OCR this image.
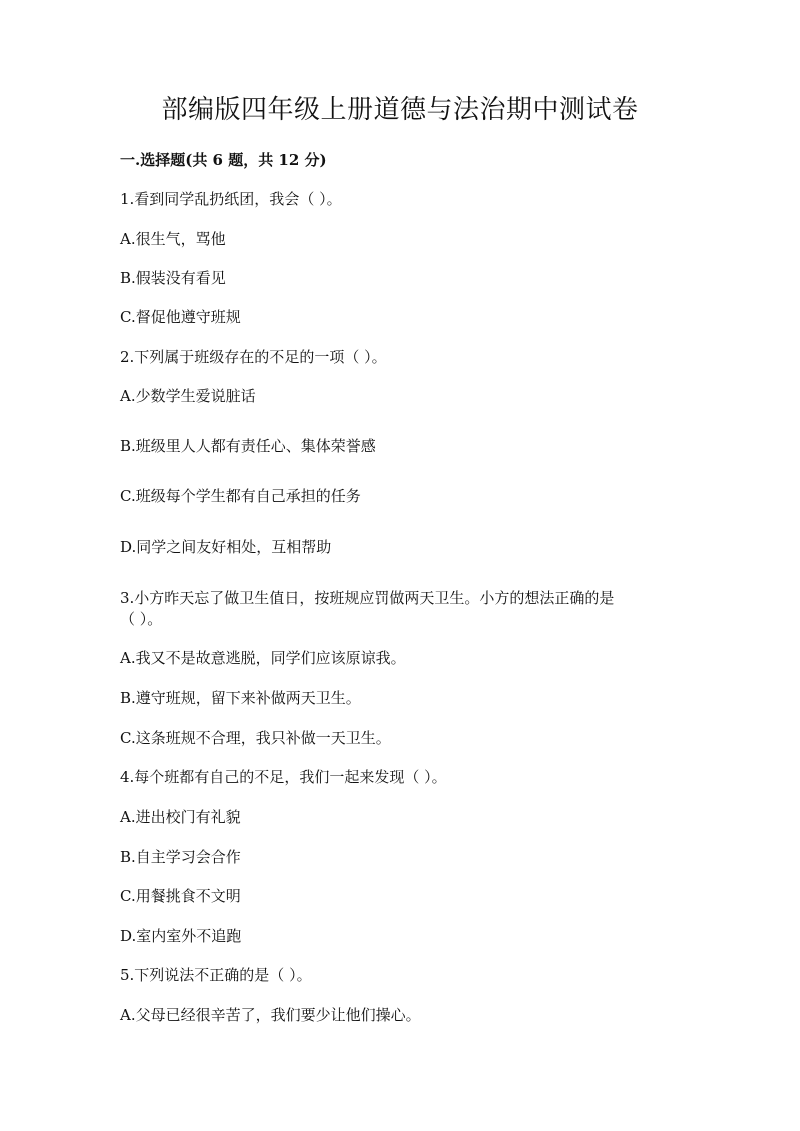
部编版四年级上册道德与法治期中测试卷
一.选择题(共 6 题，共 12 分)
1.看到同学乱扔纸团，我会（ ）。
A.很生气，骂他
B.假装没有看见
C.督促他遵守班规
2.下列属于班级存在的不足的一项（ ）。
A.少数学生爱说脏话
B.班级里人人都有责任心、集体荣誉感
C.班级每个学生都有自己承担的任务
D.同学之间友好相处，互相帮助
3.小方昨天忘了做卫生值日，按班规应罚做两天卫生。小方的想法正确的是
（ ）。
A.我又不是故意逃脱，同学们应该原谅我。
B.遵守班规，留下来补做两天卫生。
C.这条班规不合理，我只补做一天卫生。
4.每个班都有自己的不足，我们一起来发现（ ）。
A.进出校门有礼貌
B.自主学习会合作
C.用餐挑食不文明
D.室内室外不追跑
5.下列说法不正确的是（ ）。
A.父母已经很辛苦了，我们要少让他们操心。
